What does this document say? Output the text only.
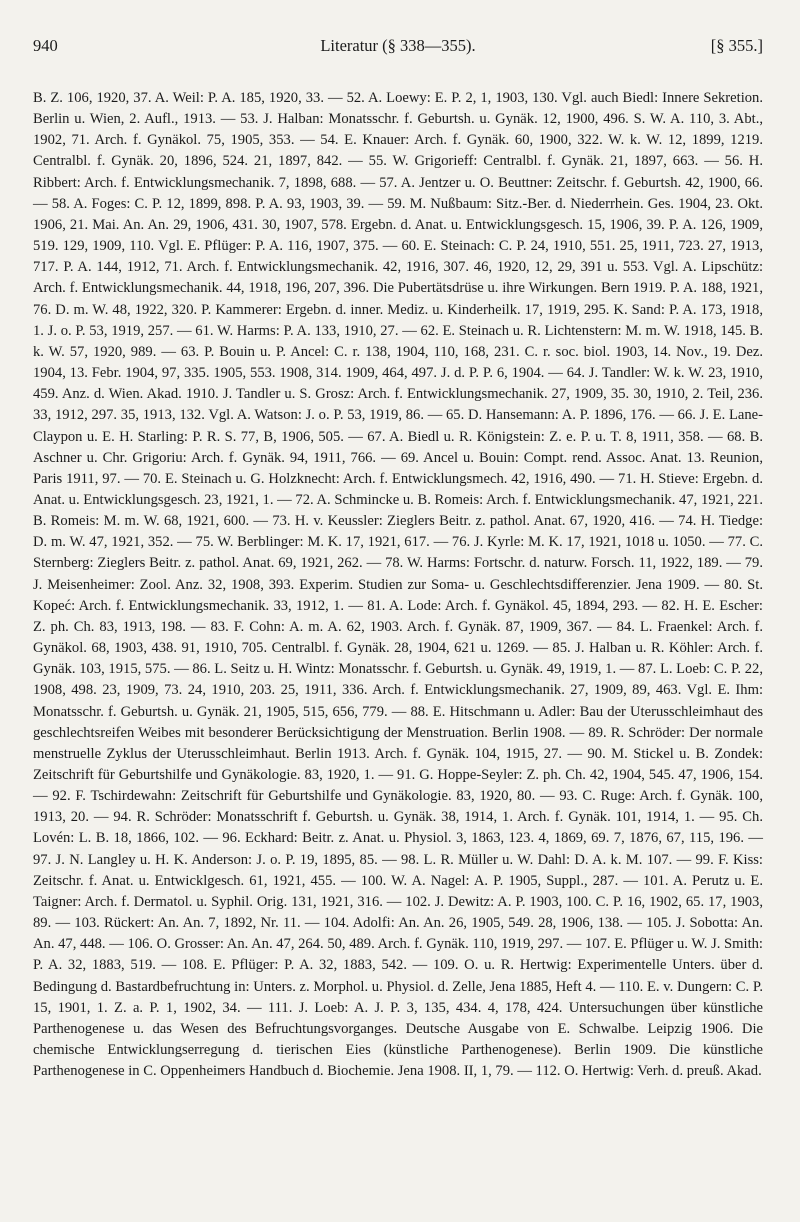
940	Literatur (§ 338—355).	[§ 355.]

B. Z. 106, 1920, 37. A. Weil: P. A. 185, 1920, 33. — 52. A. Loewy: E. P. 2, 1, 1903, 130. Vgl. auch Biedl: Innere Sekretion. Berlin u. Wien, 2. Aufl., 1913. — 53. J. Halban: Monatsschr. f. Geburtsh. u. Gynäk. 12, 1900, 496. S. W. A. 110, 3. Abt., 1902, 71. Arch. f. Gynäkol. 75, 1905, 353. — 54. E. Knauer: Arch. f. Gynäk. 60, 1900, 322. W. k. W. 12, 1899, 1219. Centralbl. f. Gynäk. 20, 1896, 524. 21, 1897, 842. — 55. W. Grigorieff: Centralbl. f. Gynäk. 21, 1897, 663. — 56. H. Ribbert: Arch. f. Entwicklungsmechanik. 7, 1898, 688. — 57. A. Jentzer u. O. Beuttner: Zeitschr. f. Geburtsh. 42, 1900, 66. — 58. A. Foges: C. P. 12, 1899, 898. P. A. 93, 1903, 39. — 59. M. Nußbaum: Sitz.-Ber. d. Niederrhein. Ges. 1904, 23. Okt. 1906, 21. Mai. An. An. 29, 1906, 431. 30, 1907, 578. Ergebn. d. Anat. u. Entwicklungsgesch. 15, 1906, 39. P. A. 126, 1909, 519. 129, 1909, 110. Vgl. E. Pflüger: P. A. 116, 1907, 375. — 60. E. Steinach: C. P. 24, 1910, 551. 25, 1911, 723. 27, 1913, 717. P. A. 144, 1912, 71. Arch. f. Entwicklungsmechanik. 42, 1916, 307. 46, 1920, 12, 29, 391 u. 553. Vgl. A. Lipschütz: Arch. f. Entwicklungsmechanik. 44, 1918, 196, 207, 396. Die Pubertätsdrüse u. ihre Wirkungen. Bern 1919. P. A. 188, 1921, 76. D. m. W. 48, 1922, 320. P. Kammerer: Ergebn. d. inner. Mediz. u. Kinderheilk. 17, 1919, 295. K. Sand: P. A. 173, 1918, 1. J. o. P. 53, 1919, 257. — 61. W. Harms: P. A. 133, 1910, 27. — 62. E. Steinach u. R. Lichtenstern: M. m. W. 1918, 145. B. k. W. 57, 1920, 989. — 63. P. Bouin u. P. Ancel: C. r. 138, 1904, 110, 168, 231. C. r. soc. biol. 1903, 14. Nov., 19. Dez. 1904, 13. Febr. 1904, 97, 335. 1905, 553. 1908, 314. 1909, 464, 497. J. d. P. P. 6, 1904. — 64. J. Tandler: W. k. W. 23, 1910, 459. Anz. d. Wien. Akad. 1910. J. Tandler u. S. Grosz: Arch. f. Entwicklungsmechanik. 27, 1909, 35. 30, 1910, 2. Teil, 236. 33, 1912, 297. 35, 1913, 132. Vgl. A. Watson: J. o. P. 53, 1919, 86. — 65. D. Hansemann: A. P. 1896, 176. — 66. J. E. Lane-Claypon u. E. H. Starling: P. R. S. 77, B, 1906, 505. — 67. A. Biedl u. R. Königstein: Z. e. P. u. T. 8, 1911, 358. — 68. B. Aschner u. Chr. Grigoriu: Arch. f. Gynäk. 94, 1911, 766. — 69. Ancel u. Bouin: Compt. rend. Assoc. Anat. 13. Reunion, Paris 1911, 97. — 70. E. Steinach u. G. Holzknecht: Arch. f. Entwicklungsmech. 42, 1916, 490. — 71. H. Stieve: Ergebn. d. Anat. u. Entwicklungsgesch. 23, 1921, 1. — 72. A. Schmincke u. B. Romeis: Arch. f. Entwicklungsmechanik. 47, 1921, 221. B. Romeis: M. m. W. 68, 1921, 600. — 73. H. v. Keussler: Zieglers Beitr. z. pathol. Anat. 67, 1920, 416. — 74. H. Tiedge: D. m. W. 47, 1921, 352. — 75. W. Berblinger: M. K. 17, 1921, 617. — 76. J. Kyrle: M. K. 17, 1921, 1018 u. 1050. — 77. C. Sternberg: Zieglers Beitr. z. pathol. Anat. 69, 1921, 262. — 78. W. Harms: Fortschr. d. naturw. Forsch. 11, 1922, 189. — 79. J. Meisenheimer: Zool. Anz. 32, 1908, 393. Experim. Studien zur Soma- u. Geschlechtsdifferenzier. Jena 1909. — 80. St. Kopeć: Arch. f. Entwicklungsmechanik. 33, 1912, 1. — 81. A. Lode: Arch. f. Gynäkol. 45, 1894, 293. — 82. H. E. Escher: Z. ph. Ch. 83, 1913, 198. — 83. F. Cohn: A. m. A. 62, 1903. Arch. f. Gynäk. 87, 1909, 367. — 84. L. Fraenkel: Arch. f. Gynäkol. 68, 1903, 438. 91, 1910, 705. Centralbl. f. Gynäk. 28, 1904, 621 u. 1269. — 85. J. Halban u. R. Köhler: Arch. f. Gynäk. 103, 1915, 575. — 86. L. Seitz u. H. Wintz: Monatsschr. f. Geburtsh. u. Gynäk. 49, 1919, 1. — 87. L. Loeb: C. P. 22, 1908, 498. 23, 1909, 73. 24, 1910, 203. 25, 1911, 336. Arch. f. Entwicklungsmechanik. 27, 1909, 89, 463. Vgl. E. Ihm: Monatsschr. f. Geburtsh. u. Gynäk. 21, 1905, 515, 656, 779. — 88. E. Hitschmann u. Adler: Bau der Uterusschleimhaut des geschlechtsreifen Weibes mit besonderer Berücksichtigung der Menstruation. Berlin 1908. — 89. R. Schröder: Der normale menstruelle Zyklus der Uterusschleimhaut. Berlin 1913. Arch. f. Gynäk. 104, 1915, 27. — 90. M. Stickel u. B. Zondek: Zeitschrift für Geburtshilfe und Gynäkologie. 83, 1920, 1. — 91. G. Hoppe-Seyler: Z. ph. Ch. 42, 1904, 545. 47, 1906, 154. — 92. F. Tschirdewahn: Zeitschrift für Geburtshilfe und Gynäkologie. 83, 1920, 80. — 93. C. Ruge: Arch. f. Gynäk. 100, 1913, 20. — 94. R. Schröder: Monatsschrift f. Geburtsh. u. Gynäk. 38, 1914, 1. Arch. f. Gynäk. 101, 1914, 1. — 95. Ch. Lovén: L. B. 18, 1866, 102. — 96. Eckhard: Beitr. z. Anat. u. Physiol. 3, 1863, 123. 4, 1869, 69. 7, 1876, 67, 115, 196. — 97. J. N. Langley u. H. K. Anderson: J. o. P. 19, 1895, 85. — 98. L. R. Müller u. W. Dahl: D. A. k. M. 107. — 99. F. Kiss: Zeitschr. f. Anat. u. Entwicklgesch. 61, 1921, 455. — 100. W. A. Nagel: A. P. 1905, Suppl., 287. — 101. A. Perutz u. E. Taigner: Arch. f. Dermatol. u. Syphil. Orig. 131, 1921, 316. — 102. J. Dewitz: A. P. 1903, 100. C. P. 16, 1902, 65. 17, 1903, 89. — 103. Rückert: An. An. 7, 1892, Nr. 11. — 104. Adolfi: An. An. 26, 1905, 549. 28, 1906, 138. — 105. J. Sobotta: An. An. 47, 448. — 106. O. Grosser: An. An. 47, 264. 50, 489. Arch. f. Gynäk. 110, 1919, 297. — 107. E. Pflüger u. W. J. Smith: P. A. 32, 1883, 519. — 108. E. Pflüger: P. A. 32, 1883, 542. — 109. O. u. R. Hertwig: Experimentelle Unters. über d. Bedingung d. Bastardbefruchtung in: Unters. z. Morphol. u. Physiol. d. Zelle, Jena 1885, Heft 4. — 110. E. v. Dungern: C. P. 15, 1901, 1. Z. a. P. 1, 1902, 34. — 111. J. Loeb: A. J. P. 3, 135, 434. 4, 178, 424. Untersuchungen über künstliche Parthenogenese u. das Wesen des Befruchtungsvorganges. Deutsche Ausgabe von E. Schwalbe. Leipzig 1906. Die chemische Entwicklungserregung d. tierischen Eies (künstliche Parthenogenese). Berlin 1909. Die künstliche Parthenogenese in C. Oppenheimers Handbuch d. Biochemie. Jena 1908. II, 1, 79. — 112. O. Hertwig: Verh. d. preuß. Akad.
